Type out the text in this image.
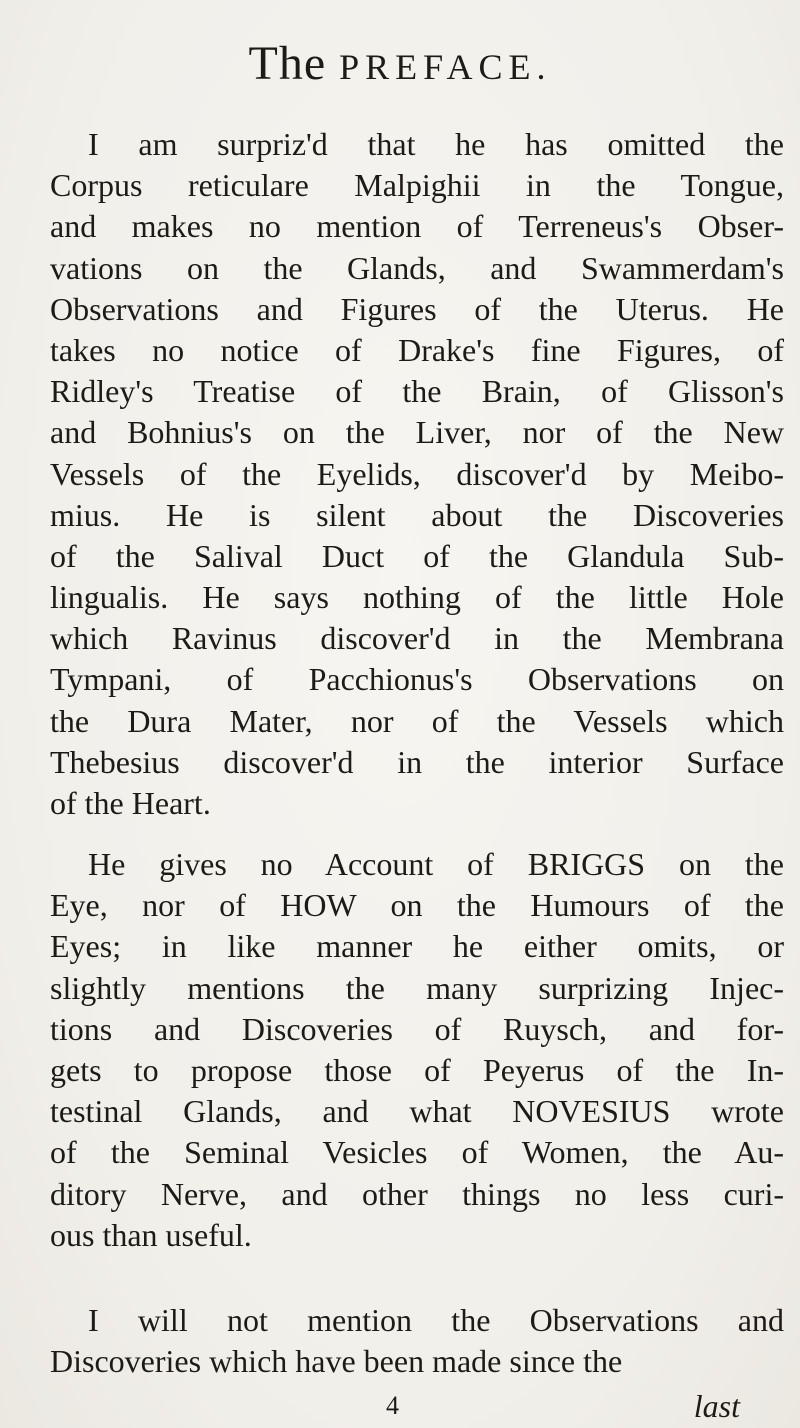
The PREFACE.
I am surpriz'd that he has omitted the
Corpus reticulare Malpighii in the Tongue,
and makes no mention of Terreneus's Obser-
vations on the Glands, and Swammerdam's
Observations and Figures of the Uterus. He
takes no notice of Drake's fine Figures, of
Ridley's Treatise of the Brain, of Glisson's
and Bohnius's on the Liver, nor of the New
Vessels of the Eyelids, discover'd by Meibo-
mius. He is silent about the Discoveries
of the Salival Duct of the Glandula Sub-
lingualis. He says nothing of the little Hole
which Ravinus discover'd in the Membrana
Tympani, of Pacchionus's Observations on
the Dura Mater, nor of the Vessels which
Thebesius discover'd in the interior Surface
of the Heart.
He gives no Account of BRIGGS on the
Eye, nor of HOW on the Humours of the
Eyes; in like manner he either omits, or
slightly mentions the many surprizing Injec-
tions and Discoveries of Ruysch, and for-
gets to propose those of Peyerus of the In-
testinal Glands, and what NOVESIUS wrote
of the Seminal Vesicles of Women, the Au-
ditory Nerve, and other things no less curi-
ous than useful.
I will not mention the Observations and
Discoveries which have been made since the
4	last
